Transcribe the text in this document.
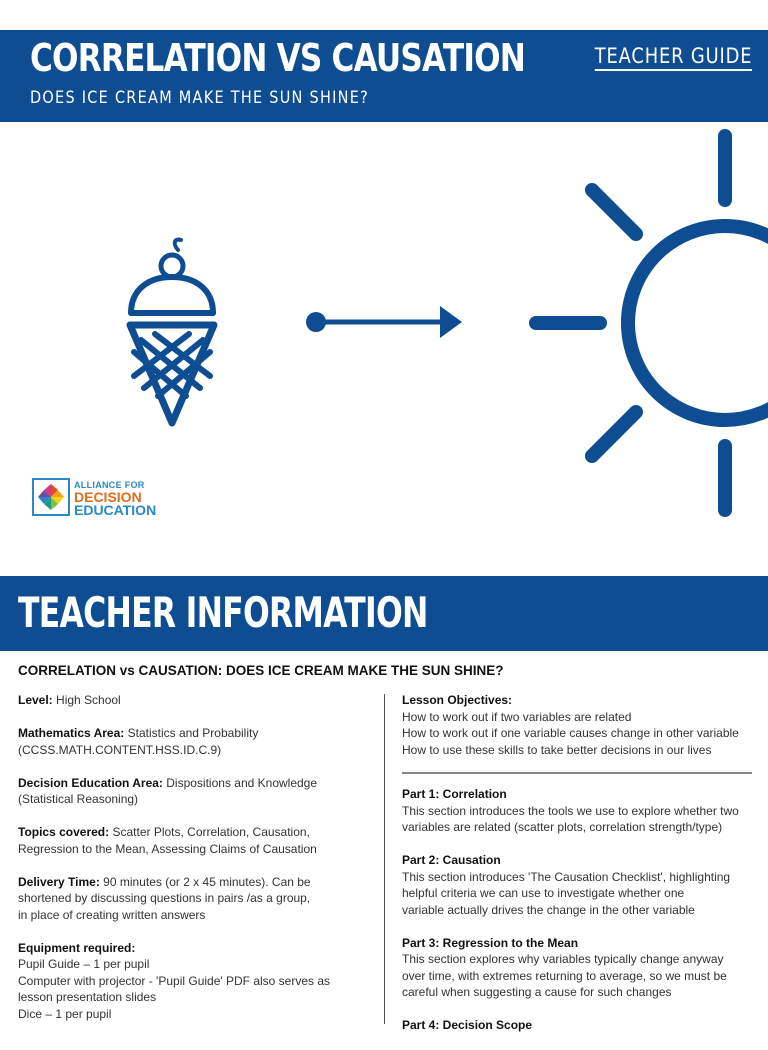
CORRELATION VS CAUSATION
DOES ICE CREAM MAKE THE SUN SHINE?
TEACHER GUIDE
ALLIANCE FOR
DECISION
EDUCATION
TEACHER INFORMATION
CORRELATION vs CAUSATION: DOES ICE CREAM MAKE THE SUN SHINE?
Level: High School
Mathematics Area: Statistics and Probability
(CCSS.MATH.CONTENT.HSS.ID.C.9)
Decision Education Area: Dispositions and Knowledge
(Statistical Reasoning)
Topics covered: Scatter Plots, Correlation, Causation,
Regression to the Mean, Assessing Claims of Causation
Delivery Time: 90 minutes (or 2 x 45 minutes). Can be
shortened by discussing questions in pairs /as a group,
in place of creating written answers
Equipment required:
Pupil Guide – 1 per pupil
Computer with projector - 'Pupil Guide' PDF also serves as
lesson presentation slides
Dice – 1 per pupil
Lesson Objectives:
How to work out if two variables are related
How to work out if one variable causes change in other variable
How to use these skills to take better decisions in our lives
Part 1: Correlation
This section introduces the tools we use to explore whether two
variables are related (scatter plots, correlation strength/type)
Part 2: Causation
This section introduces 'The Causation Checklist', highlighting
helpful criteria we can use to investigate whether one
variable actually drives the change in the other variable
Part 3: Regression to the Mean
This section explores why variables typically change anyway
over time, with extremes returning to average, so we must be
careful when suggesting a cause for such changes
Part 4: Decision Scope
